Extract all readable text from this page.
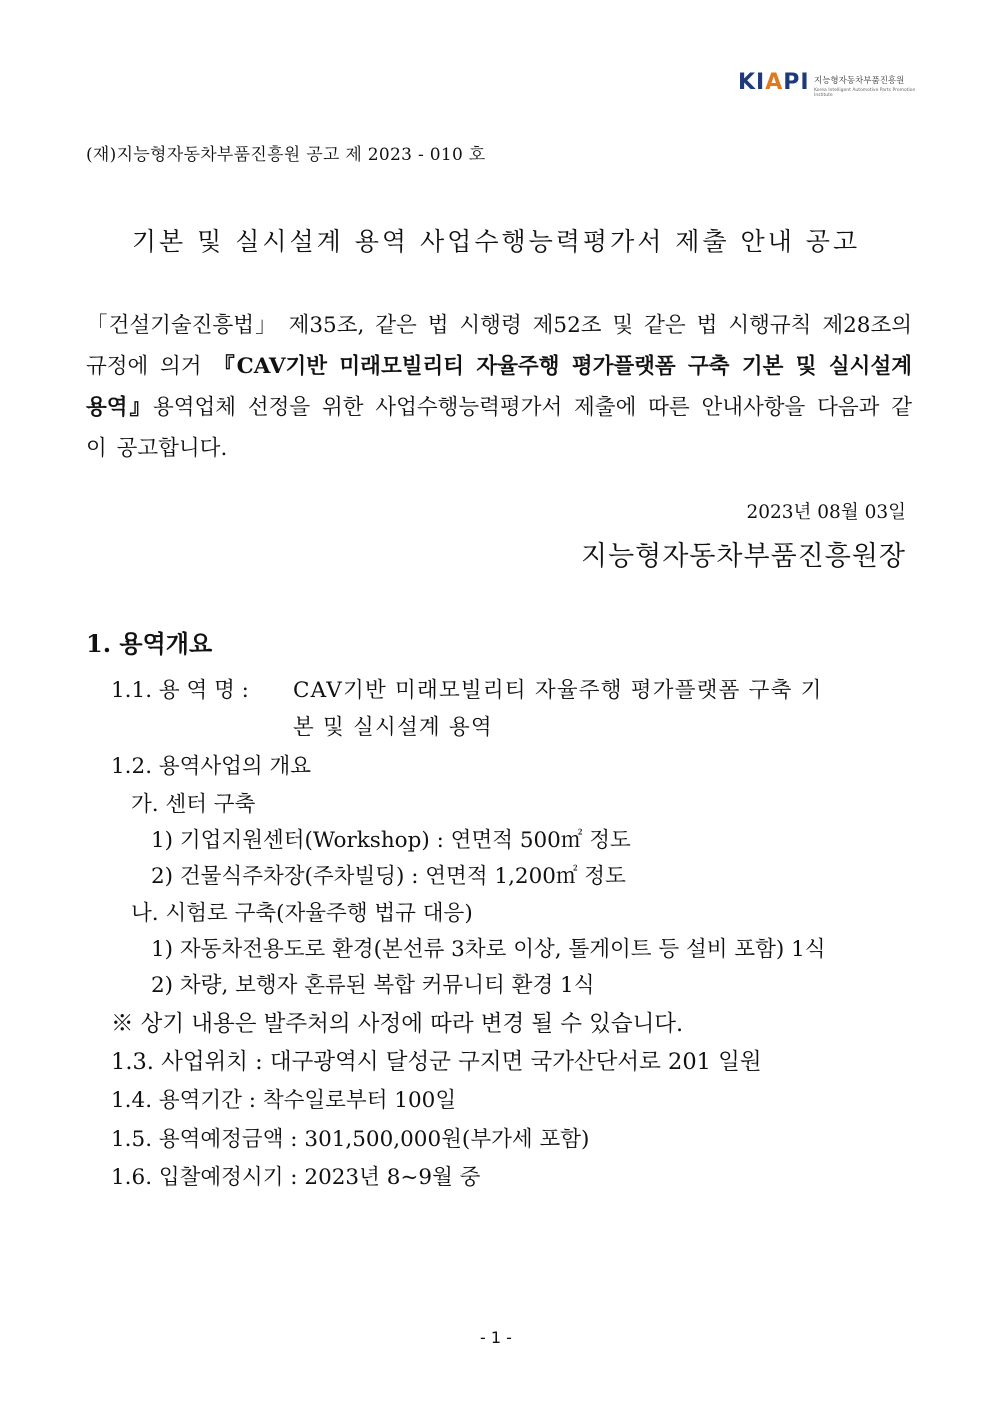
KIAPI 지능형자동차부품진흥원
Korea Intelligent Automotive Parts Promotion Institute
(재)지능형자동차부품진흥원 공고 제 2023 - 010 호
기본 및 실시설계 용역 사업수행능력평가서 제출 안내 공고
「건설기술진흥법」 제35조, 같은 법 시행령 제52조 및 같은 법 시행규칙 제28조의 규정에 의거 『CAV기반 미래모빌리티 자율주행 평가플랫폼 구축 기본 및 실시설계 용역』용역업체 선정을 위한 사업수행능력평가서 제출에 따른 안내사항을 다음과 같이 공고합니다.
2023년 08월 03일
지능형자동차부품진흥원장
1. 용역개요
1.1. 용 역 명 : CAV기반 미래모빌리티 자율주행 평가플랫폼 구축 기
본 및 실시설계 용역
1.2. 용역사업의 개요
가. 센터 구축
1) 기업지원센터(Workshop) : 연면적 500㎡ 정도
2) 건물식주차장(주차빌딩) : 연면적 1,200㎡ 정도
나. 시험로 구축(자율주행 법규 대응)
1) 자동차전용도로 환경(본선류 3차로 이상, 톨게이트 등 설비 포함) 1식
2) 차량, 보행자 혼류된 복합 커뮤니티 환경 1식
※ 상기 내용은 발주처의 사정에 따라 변경 될 수 있습니다.
1.3. 사업위치 : 대구광역시 달성군 구지면 국가산단서로 201 일원
1.4. 용역기간 : 착수일로부터 100일
1.5. 용역예정금액 : 301,500,000원(부가세 포함)
1.6. 입찰예정시기 : 2023년 8~9월 중
- 1 -
